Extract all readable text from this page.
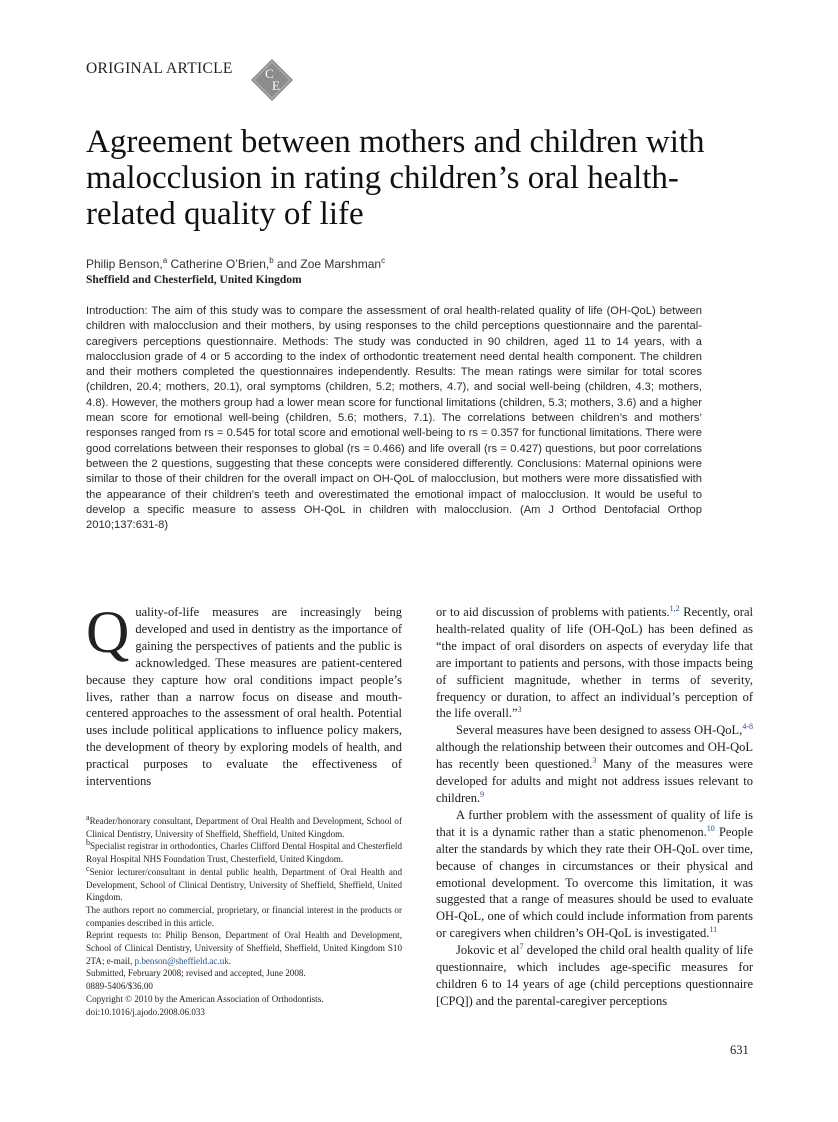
ORIGINAL ARTICLE C
E
Agreement between mothers and children with malocclusion in rating children’s oral health-related quality of life
Philip Benson,$^a$ Catherine O’Brien,$^b$ and Zoe Marshman$^c$
Sheffield and Chesterfield, United Kingdom

Introduction: The aim of this study was to compare the assessment of oral health-related quality of life (OH-QoL) between children with malocclusion and their mothers, by using responses to the child perceptions questionnaire and the parental-caregivers perceptions questionnaire. Methods: The study was conducted in 90 children, aged 11 to 14 years, with a malocclusion grade of 4 or 5 according to the index of orthodontic treatement need dental health component. The children and their mothers completed the questionnaires independently. Results: The mean ratings were similar for total scores (children, 20.4; mothers, 20.1), oral symptoms (children, 5.2; mothers, 4.7), and social well-being (children, 4.3; mothers, 4.8). However, the mothers group had a lower mean score for functional limitations (children, 5.3; mothers, 3.6) and a higher mean score for emotional well-being (children, 5.6; mothers, 7.1). The correlations between children’s and mothers’ responses ranged from rs = 0.545 for total score and emotional well-being to rs = 0.357 for functional limitations. There were good correlations between their responses to global (rs = 0.466) and life overall (rs = 0.427) questions, but poor correlations between the 2 questions, suggesting that these concepts were considered differently. Conclusions: Maternal opinions were similar to those of their children for the overall impact on OH-QoL of malocclusion, but mothers were more dissatisfied with the appearance of their children’s teeth and overestimated the emotional impact of malocclusion. It would be useful to develop a specific measure to assess OH-QoL in children with malocclusion. (Am J Orthod Dentofacial Orthop 2010;137:631-8)

Quality-of-life measures are increasingly being developed and used in dentistry as the importance of gaining the perspectives of patients and the public is acknowledged. These measures are patient-centered because they capture how oral conditions impact people’s lives, rather than a narrow focus on disease and mouth-centered approaches to the assessment of oral health. Potential uses include political applications to influence policy makers, the development of theory by exploring models of health, and practical purposes to evaluate the effectiveness of interventions

$^a$Reader/honorary consultant, Department of Oral Health and Development, School of Clinical Dentistry, University of Sheffield, Sheffield, United Kingdom.

$^b$Specialist registrar in orthodontics, Charles Clifford Dental Hospital and Chesterfield Royal Hospital NHS Foundation Trust, Chesterfield, United Kingdom.

$^c$Senior lecturer/consultant in dental public health, Department of Oral Health and Development, School of Clinical Dentistry, University of Sheffield, Sheffield, United Kingdom.

The authors report no commercial, proprietary, or financial interest in the products or companies described in this article.

Reprint requests to: Philip Benson, Department of Oral Health and Development, School of Clinical Dentistry, University of Sheffield, Sheffield, United Kingdom S10 2TA; e-mail, p.benson@sheffield.ac.uk.

Submitted, February 2008; revised and accepted, June 2008.

0889-5406/$36.00

Copyright © 2010 by the American Association of Orthodontists.

doi:10.1016/j.ajodo.2008.06.033

or to aid discussion of problems with patients.$^{1,2}$ Recently, oral health-related quality of life (OH-QoL) has been defined as “the impact of oral disorders on aspects of everyday life that are important to patients and persons, with those impacts being of sufficient magnitude, whether in terms of severity, frequency or duration, to affect an individual’s perception of the life overall.”$^3$

Several measures have been designed to assess OH-QoL,$^{4-8}$ although the relationship between their outcomes and OH-QoL has recently been questioned.$^3$ Many of the measures were developed for adults and might not address issues relevant to children.$^9$

A further problem with the assessment of quality of life is that it is a dynamic rather than a static phenomenon.$^{10}$ People alter the standards by which they rate their OH-QoL over time, because of changes in circumstances or their physical and emotional development. To overcome this limitation, it was suggested that a range of measures should be used to evaluate OH-QoL, one of which could include information from parents or caregivers when children’s OH-QoL is investigated.$^{11}$

Jokovic et $al^7$ developed the child oral health quality of life questionnaire, which includes age-specific measures for children 6 to 14 years of age (child perceptions questionnaire [CPQ]) and the parental-caregiver perceptions

631
